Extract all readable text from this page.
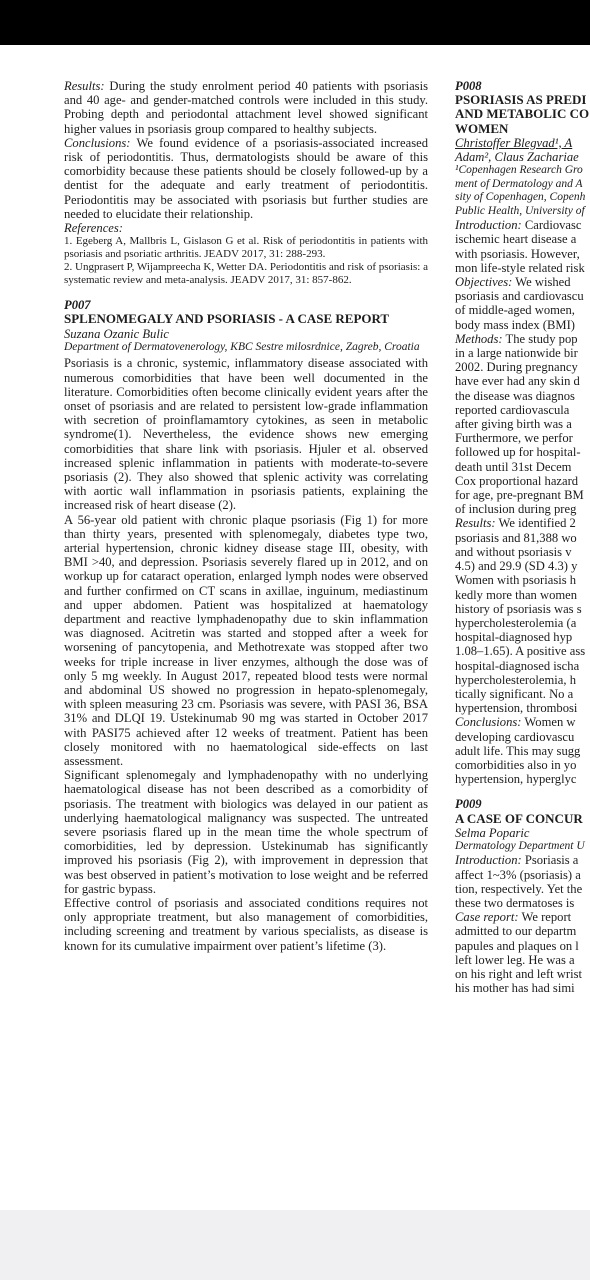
Results: During the study enrolment period 40 patients with psoriasis and 40 age- and gender-matched controls were included in this study. Probing depth and periodontal attachment level showed significant higher values in psoriasis group compared to healthy subjects.

Conclusions: We found evidence of a psoriasis-associated increased risk of periodontitis. Thus, dermatologists should be aware of this comorbidity because these patients should be closely followed-up by a dentist for the adequate and early treatment of periodontitis. Periodontitis may be associated with psoriasis but further studies are needed to elucidate their relationship.

References:

1. Egeberg A, Mallbris L, Gislason G et al. Risk of periodontitis in patients with psoriasis and psoriatic arthritis. JEADV 2017, 31: 288-293.

2. Ungprasert P, Wijampreecha K, Wetter DA. Periodontitis and risk of psoriasis: a systematic review and meta-analysis. JEADV 2017, 31: 857-862.

P007

SPLENOMEGALY AND PSORIASIS - A CASE REPORT

Suzana Ozanic Bulic

Department of Dermatovenerology, KBC Sestre milosrdnice, Zagreb, Croatia

Psoriasis is a chronic, systemic, inflammatory disease associated with numerous comorbidities that have been well documented in the literature. Comorbidities often become clinically evident years after the onset of psoriasis and are related to persistent low-grade inflammation with secretion of proinflamamtory cytokines, as seen in metabolic syndrome(1). Nevertheless, the evidence shows new emerging comorbidities that share link with psoriasis. Hjuler et al. observed increased splenic inflammation in patients with moderate-to-severe psoriasis (2). They also showed that splenic activity was correlating with aortic wall inflammation in psoriasis patients, explaining the increased risk of heart disease (2).

A 56-year old patient with chronic plaque psoriasis (Fig 1) for more than thirty years, presented with splenomegaly, diabetes type two, arterial hypertension, chronic kidney disease stage III, obesity, with BMI >40, and depression. Psoriasis severely flared up in 2012, and on workup up for cataract operation, enlarged lymph nodes were observed and further confirmed on CT scans in axillae, inguinum, mediastinum and upper abdomen. Patient was hospitalized at haematology department and reactive lymphadenopathy due to skin inflammation was diagnosed. Acitretin was started and stopped after a week for worsening of pancytopenia, and Methotrexate was stopped after two weeks for triple increase in liver enzymes, although the dose was of only 5 mg weekly. In August 2017, repeated blood tests were normal and abdominal US showed no progression in hepato-splenomegaly, with spleen measuring 23 cm. Psoriasis was severe, with PASI 36, BSA 31% and DLQI 19. Ustekinumab 90 mg was started in October 2017 with PASI75 achieved after 12 weeks of treatment. Patient has been closely monitored with no haematological side-effects on last assessment.

Significant splenomegaly and lymphadenopathy with no underlying haematological disease has not been described as a comorbidity of psoriasis. The treatment with biologics was delayed in our patient as underlying haematological malignancy was suspected. The untreated severe psoriasis flared up in the mean time the whole spectrum of comorbidities, led by depression. Ustekinumab has significantly improved his psoriasis (Fig 2), with improvement in depression that was best observed in patient’s motivation to lose weight and be referred for gastric bypass.

Effective control of psoriasis and associated conditions requires not only appropriate treatment, but also management of comorbidities, including screening and treatment by various specialists, as disease is known for its cumulative impairment over patient’s lifetime (3).

P008

PSORIASIS AS PREDI
AND METABOLIC CO
WOMEN
Christoffer Blegvad¹, A
Adam², Claus Zachariae
¹Copenhagen Research Gro
ment of Dermatology and A
sity of Copenhagen, Copenh
Public Health, University of
Introduction: Cardiovasc
ischemic heart disease a
with psoriasis. However,
mon life-style related risk
Objectives: We wished
psoriasis and cardiovascu
of middle-aged women,
body mass index (BMI)
Methods: The study pop
in a large nationwide bir
2002. During pregnancy
have ever had any skin d
the disease was diagnos
reported cardiovascula
after giving birth was a
Furthermore, we perfor
followed up for hospital-
death until 31st Decem
Cox proportional hazard
for age, pre-pregnant BM
of inclusion during preg
Results: We identified 2
psoriasis and 81,388 wo
and without psoriasis v
4.5) and 29.9 (SD 4.3) y
Women with psoriasis h
kedly more than women
history of psoriasis was s
hypercholesterolemia (a
hospital-diagnosed hyp
1.08–1.65). A positive ass
hospital-diagnosed ischa
hypercholesterolemia, h
tically significant. No a
hypertension, thrombosi
Conclusions: Women w
developing cardiovascu
adult life. This may sugg
comorbidities also in yo
hypertension, hyperglyc

P009

A CASE OF CONCUR

Selma Poparic

Dermatology Department U

Introduction: Psoriasis a
affect 1~3% (psoriasis) a
tion, respectively. Yet the
these two dermatoses is
Case report: We report
admitted to our departm
papules and plaques on l
left lower leg. He was a
on his right and left wrist
his mother has had simi
